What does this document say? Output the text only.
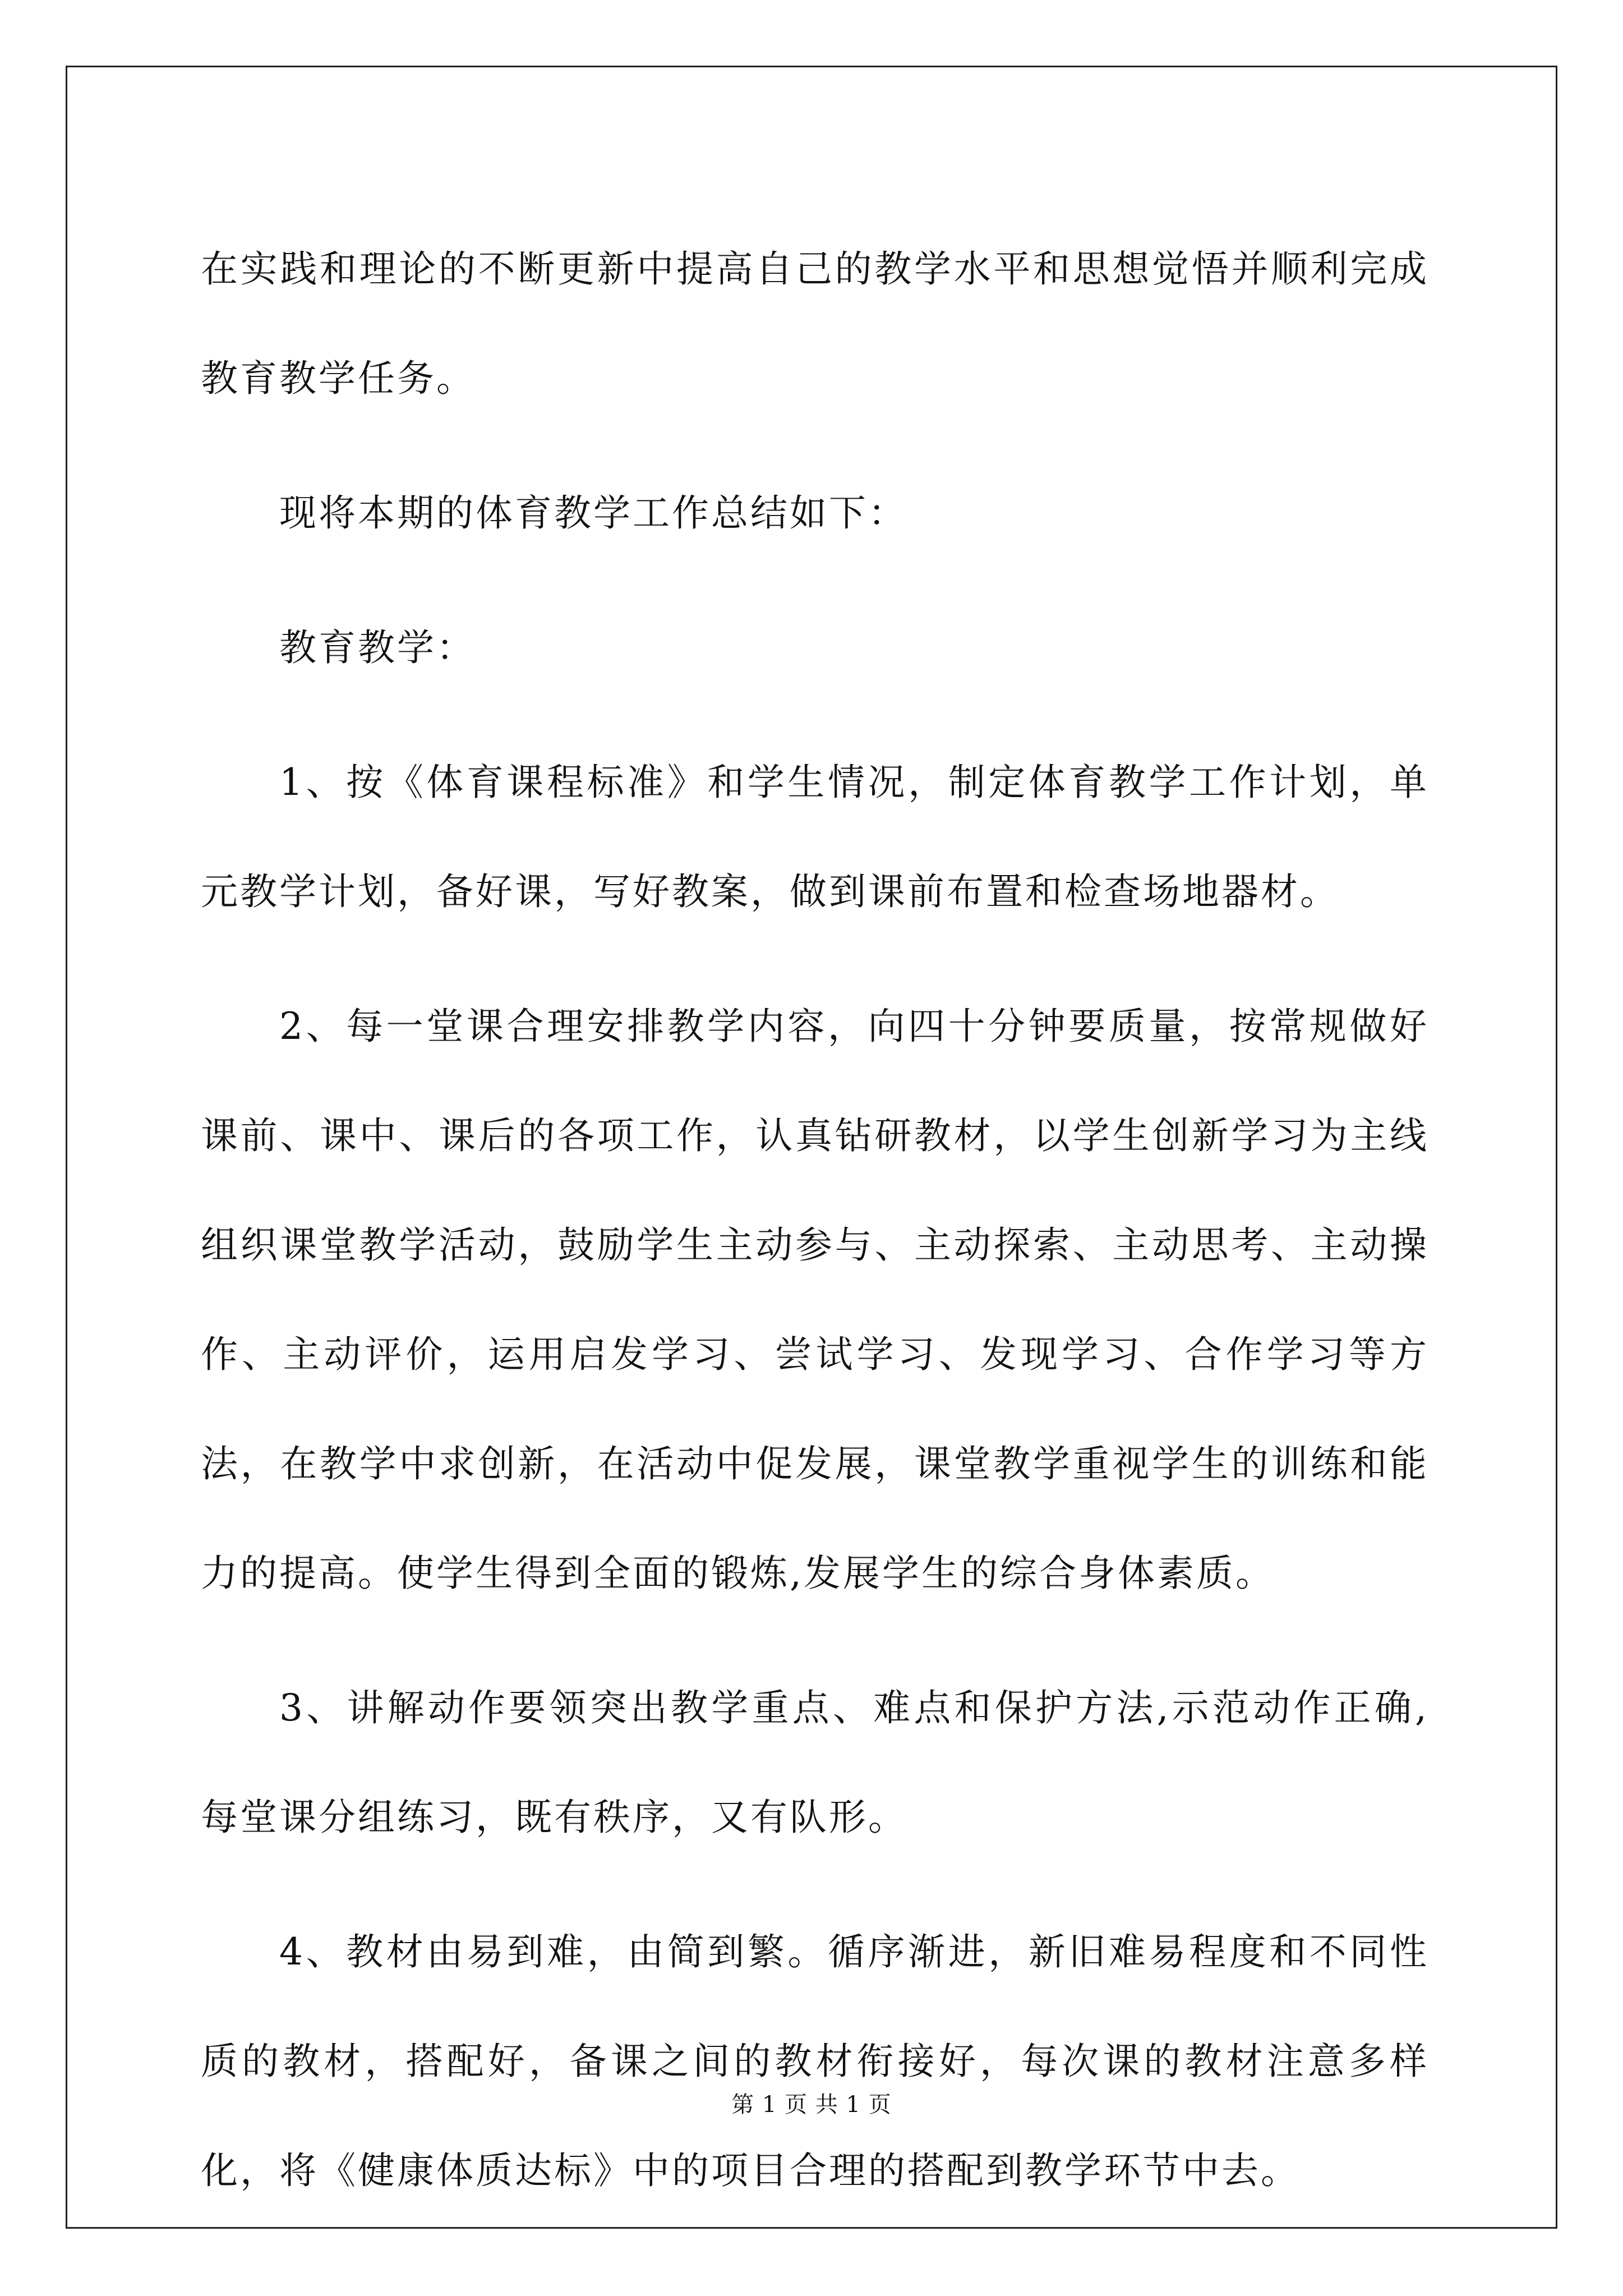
在实践和理论的不断更新中提高自己的教学水平和思想觉悟并顺利完成教育教学任务。

现将本期的体育教学工作总结如下：

教育教学：

1、按《体育课程标准》和学生情况，制定体育教学工作计划，单元教学计划，备好课，写好教案，做到课前布置和检查场地器材。

2、每一堂课合理安排教学内容，向四十分钟要质量，按常规做好课前、课中、课后的各项工作，认真钻研教材，以学生创新学习为主线组织课堂教学活动，鼓励学生主动参与、主动探索、主动思考、主动操作、主动评价，运用启发学习、尝试学习、发现学习、合作学习等方法，在教学中求创新，在活动中促发展，课堂教学重视学生的训练和能力的提高。使学生得到全面的锻炼,发展学生的综合身体素质。

3、讲解动作要领突出教学重点、难点和保护方法,示范动作正确,每堂课分组练习，既有秩序，又有队形。

4、教材由易到难，由简到繁。循序渐进，新旧难易程度和不同性质的教材，搭配好，备课之间的教材衔接好，每次课的教材注意多样化，将《健康体质达标》中的项目合理的搭配到教学环节中去。

第 1 页 共 1 页
